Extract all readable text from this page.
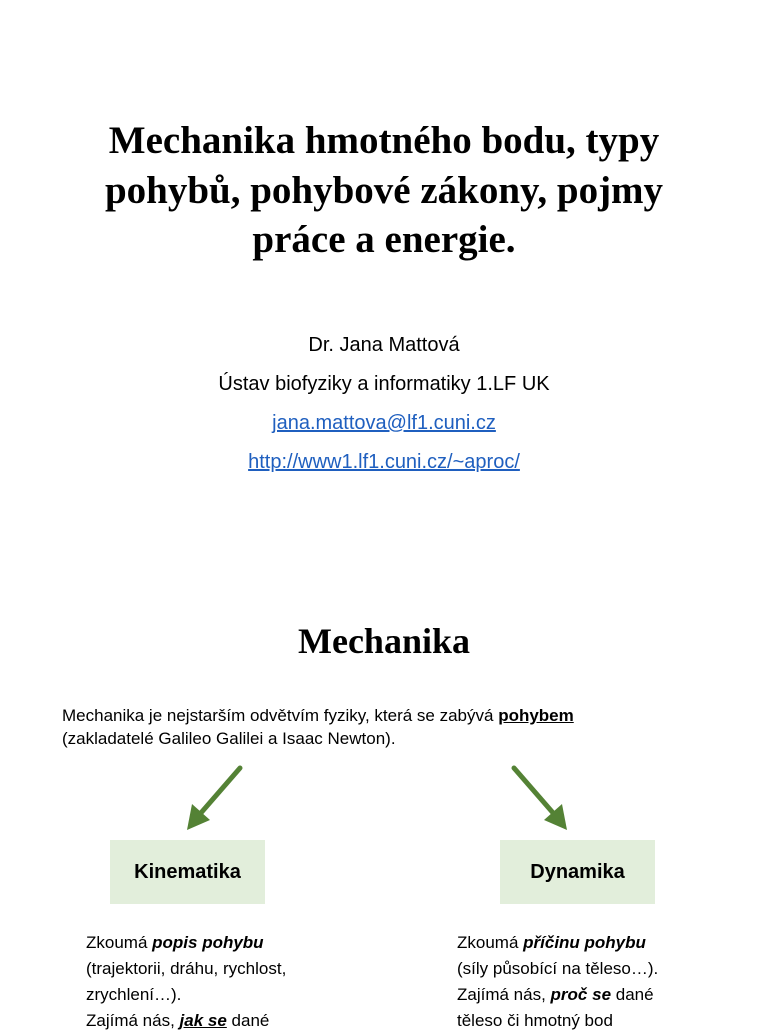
Mechanika hmotného bodu, typy
pohybů, pohybové zákony, pojmy
práce a energie.
Dr. Jana Mattová
Ústav biofyziky a informatiky 1.LF UK
jana.mattova@lf1.cuni.cz
http://www1.lf1.cuni.cz/~aproc/
Mechanika
Mechanika je nejstarším odvětvím fyziky, která se zabývá pohybem
(zakladatelé Galileo Galilei a Isaac Newton).
Kinematika	Dynamika
Zkoumá popis pohybu
(trajektorii, dráhu, rychlost,
zrychlení…).
Zajímá nás, jak se dané
Zkoumá příčinu pohybu
(síly působící na těleso…).
Zajímá nás, proč se dané
těleso či hmotný bod
